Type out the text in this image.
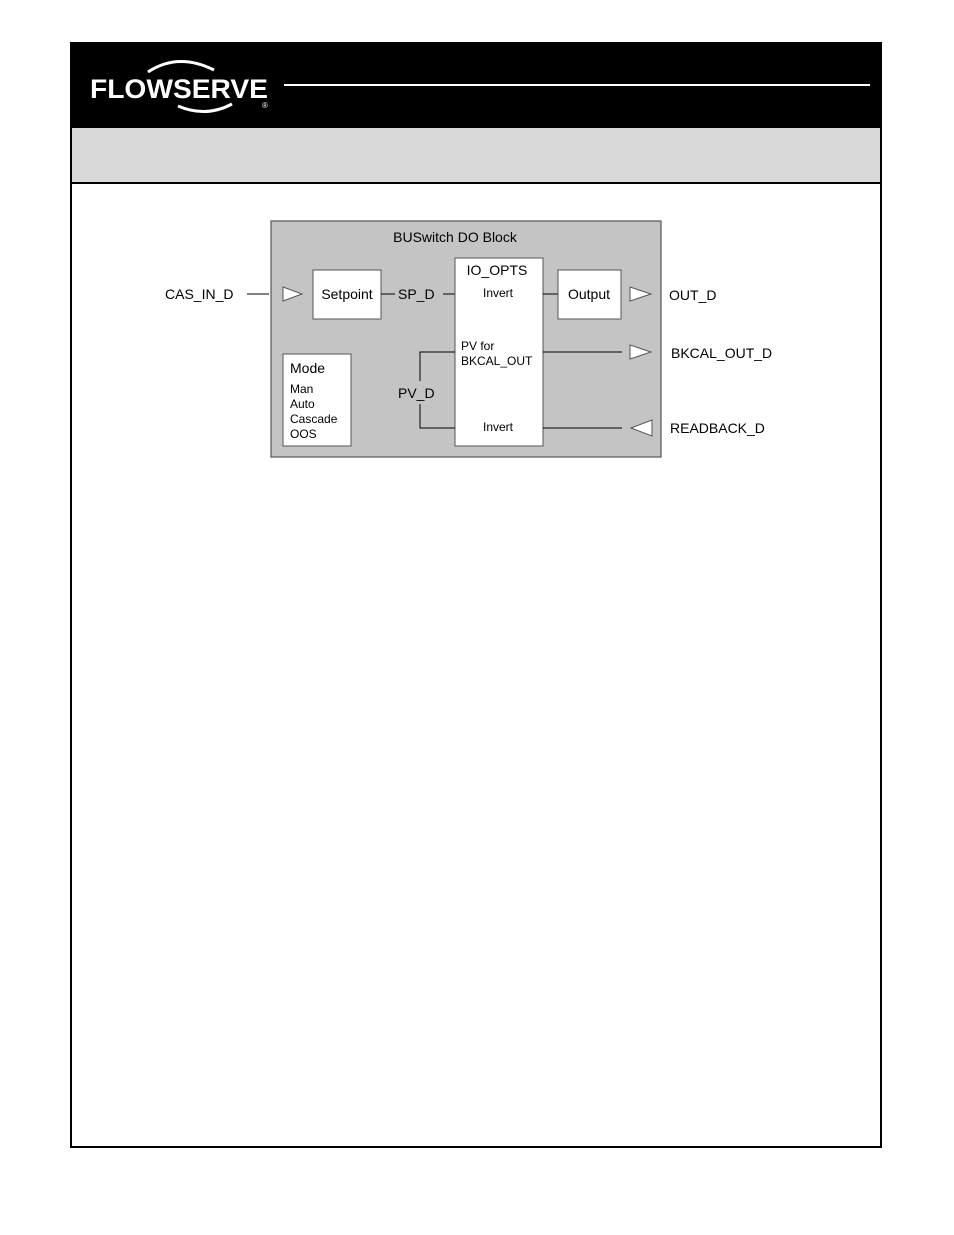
FLOWSERVE
®
BUSwitch DO Block
CAS_IN_D	Setpoint SP_D
IO_OPTS
Invert
PV for
BKCAL_OUT
Invert
Output	OUT_D
BKCAL_OUT_D
READBACK_D
PV_D
Mode
Man
Auto
Cascade
OOS
